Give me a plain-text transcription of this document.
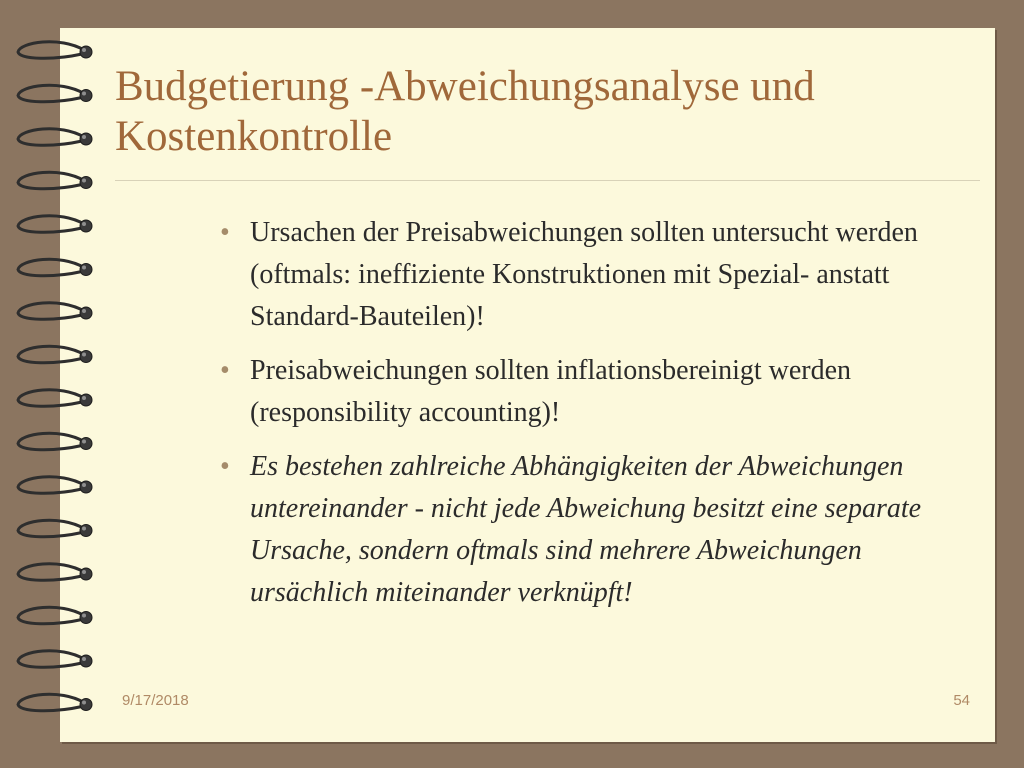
Budgetierung -Abweichungsanalyse und Kostenkontrolle
• Ursachen der Preisabweichungen sollten untersucht werden (oftmals: ineffiziente Konstruktionen mit Spezial- anstatt Standard-Bauteilen)!
• Preisabweichungen sollten inflationsbereinigt werden (responsibility accounting)!
• Es bestehen zahlreiche Abhängigkeiten der Abweichungen untereinander - nicht jede Abweichung besitzt eine separate Ursache, sondern oftmals sind mehrere Abweichungen ursächlich miteinander verknüpft!
9/17/2018	54
